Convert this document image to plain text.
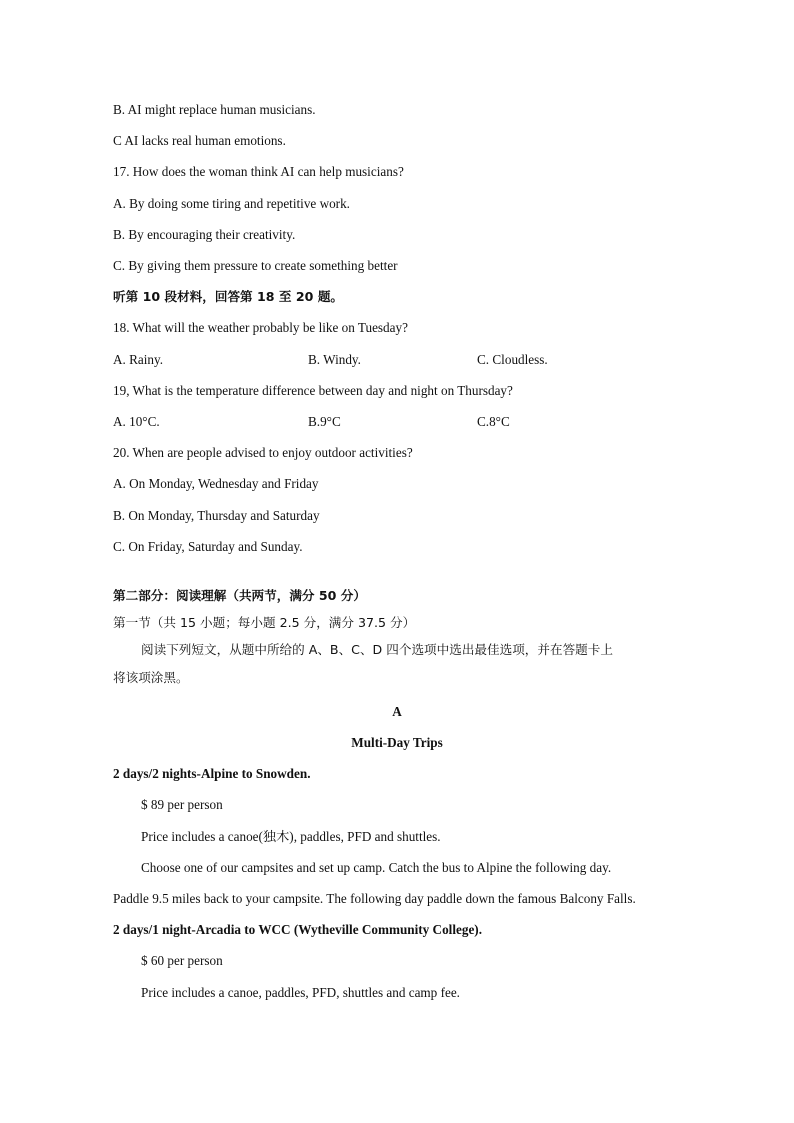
B. AI might replace human musicians.
C AI lacks real human emotions.
17. How does the woman think AI can help musicians?
A. By doing some tiring and repetitive work.
B. By encouraging their creativity.
C. By giving them pressure to create something better
听第 10 段材料，回答第 18 至 20 题。
18. What will the weather probably be like on Tuesday?
A. Rainy.	B. Windy.	C. Cloudless.
19, What is the temperature difference between day and night on Thursday?
A. 10°C.	B.9°C	C.8°C
20. When are people advised to enjoy outdoor activities?
A. On Monday, Wednesday and Friday
B. On Monday, Thursday and Saturday
C. On Friday, Saturday and Sunday.
第二部分：阅读理解（共两节，满分 50 分）
第一节（共 15 小题；每小题 2.5 分，满分 37.5 分）
阅读下列短文，从题中所给的 A、B、C、D 四个选项中选出最佳选项，并在答题卡上
将该项涂黑。
A
Multi-Day Trips
2 days/2 nights-Alpine to Snowden.
$ 89 per person
Price includes a canoe(独木), paddles, PFD and shuttles.
Choose one of our campsites and set up camp. Catch the bus to Alpine the following day.
Paddle 9.5 miles back to your campsite. The following day paddle down the famous Balcony Falls.
2 days/1 night-Arcadia to WCC (Wytheville Community College).
$ 60 per person
Price includes a canoe, paddles, PFD, shuttles and camp fee.
